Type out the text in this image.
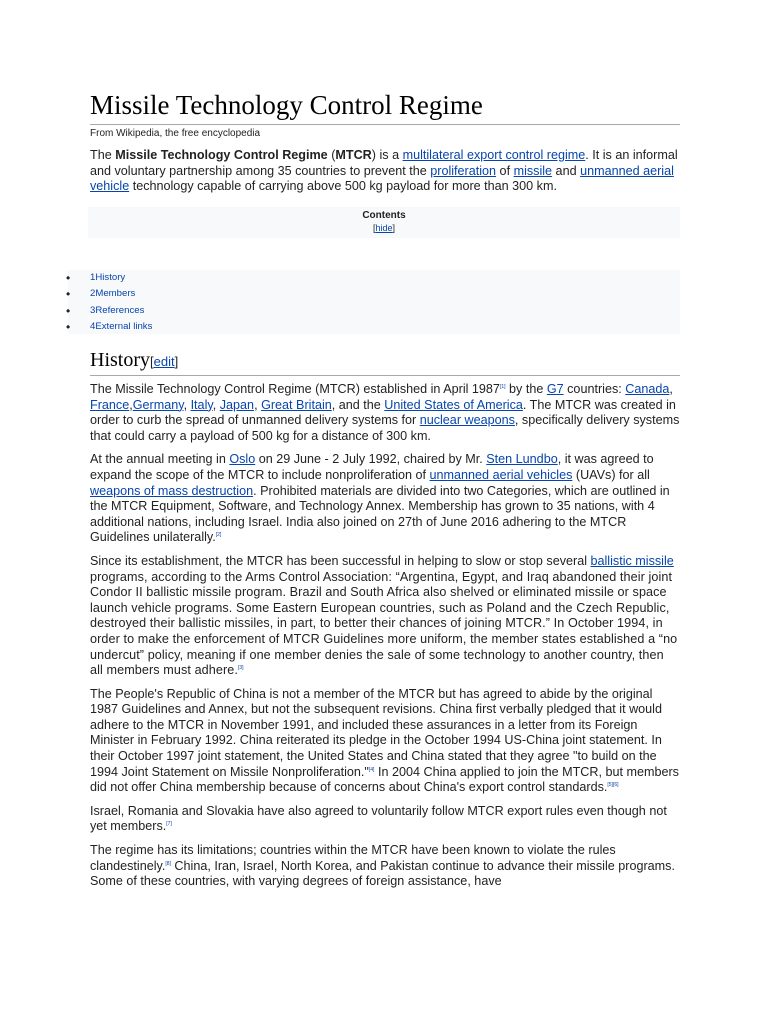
Missile Technology Control Regime
From Wikipedia, the free encyclopedia

The Missile Technology Control Regime (MTCR) is a multilateral export control regime. It is an informal and voluntary partnership among 35 countries to prevent the proliferation of missile and unmanned aerial vehicle technology capable of carrying above 500 kg payload for more than 300 km.

Contents
[hide]
• 1History
• 2Members
• 3References
• 4External links
History[edit]

The Missile Technology Control Regime (MTCR) established in April 1987[1] by the G7 countries: Canada, France,Germany, Italy, Japan, Great Britain, and the United States of America. The MTCR was created in order to curb the spread of unmanned delivery systems for nuclear weapons, specifically delivery systems that could carry a payload of 500 kg for a distance of 300 km.

At the annual meeting in Oslo on 29 June - 2 July 1992, chaired by Mr. Sten Lundbo, it was agreed to expand the scope of the MTCR to include nonproliferation of unmanned aerial vehicles (UAVs) for all weapons of mass destruction. Prohibited materials are divided into two Categories, which are outlined in the MTCR Equipment, Software, and Technology Annex. Membership has grown to 35 nations, with 4 additional nations, including Israel. India also joined on 27th of June 2016 adhering to the MTCR Guidelines unilaterally.[2]

Since its establishment, the MTCR has been successful in helping to slow or stop several ballistic missile programs, according to the Arms Control Association: “Argentina, Egypt, and Iraq abandoned their joint Condor II ballistic missile program. Brazil and South Africa also shelved or eliminated missile or space launch vehicle programs. Some Eastern European countries, such as Poland and the Czech Republic, destroyed their ballistic missiles, in part, to better their chances of joining MTCR.” In October 1994, in order to make the enforcement of MTCR Guidelines more uniform, the member states established a “no undercut” policy, meaning if one member denies the sale of some technology to another country, then all members must adhere.[3]

The People's Republic of China is not a member of the MTCR but has agreed to abide by the original 1987 Guidelines and Annex, but not the subsequent revisions. China first verbally pledged that it would adhere to the MTCR in November 1991, and included these assurances in a letter from its Foreign Minister in February 1992. China reiterated its pledge in the October 1994 US-China joint statement. In their October 1997 joint statement, the United States and China stated that they agree "to build on the 1994 Joint Statement on Missile Nonproliferation."[4] In 2004 China applied to join the MTCR, but members did not offer China membership because of concerns about China's export control standards.[5][6]

Israel, Romania and Slovakia have also agreed to voluntarily follow MTCR export rules even though not yet members.[7]

The regime has its limitations; countries within the MTCR have been known to violate the rules clandestinely.[8] China, Iran, Israel, North Korea, and Pakistan continue to advance their missile programs. Some of these countries, with varying degrees of foreign assistance, have
